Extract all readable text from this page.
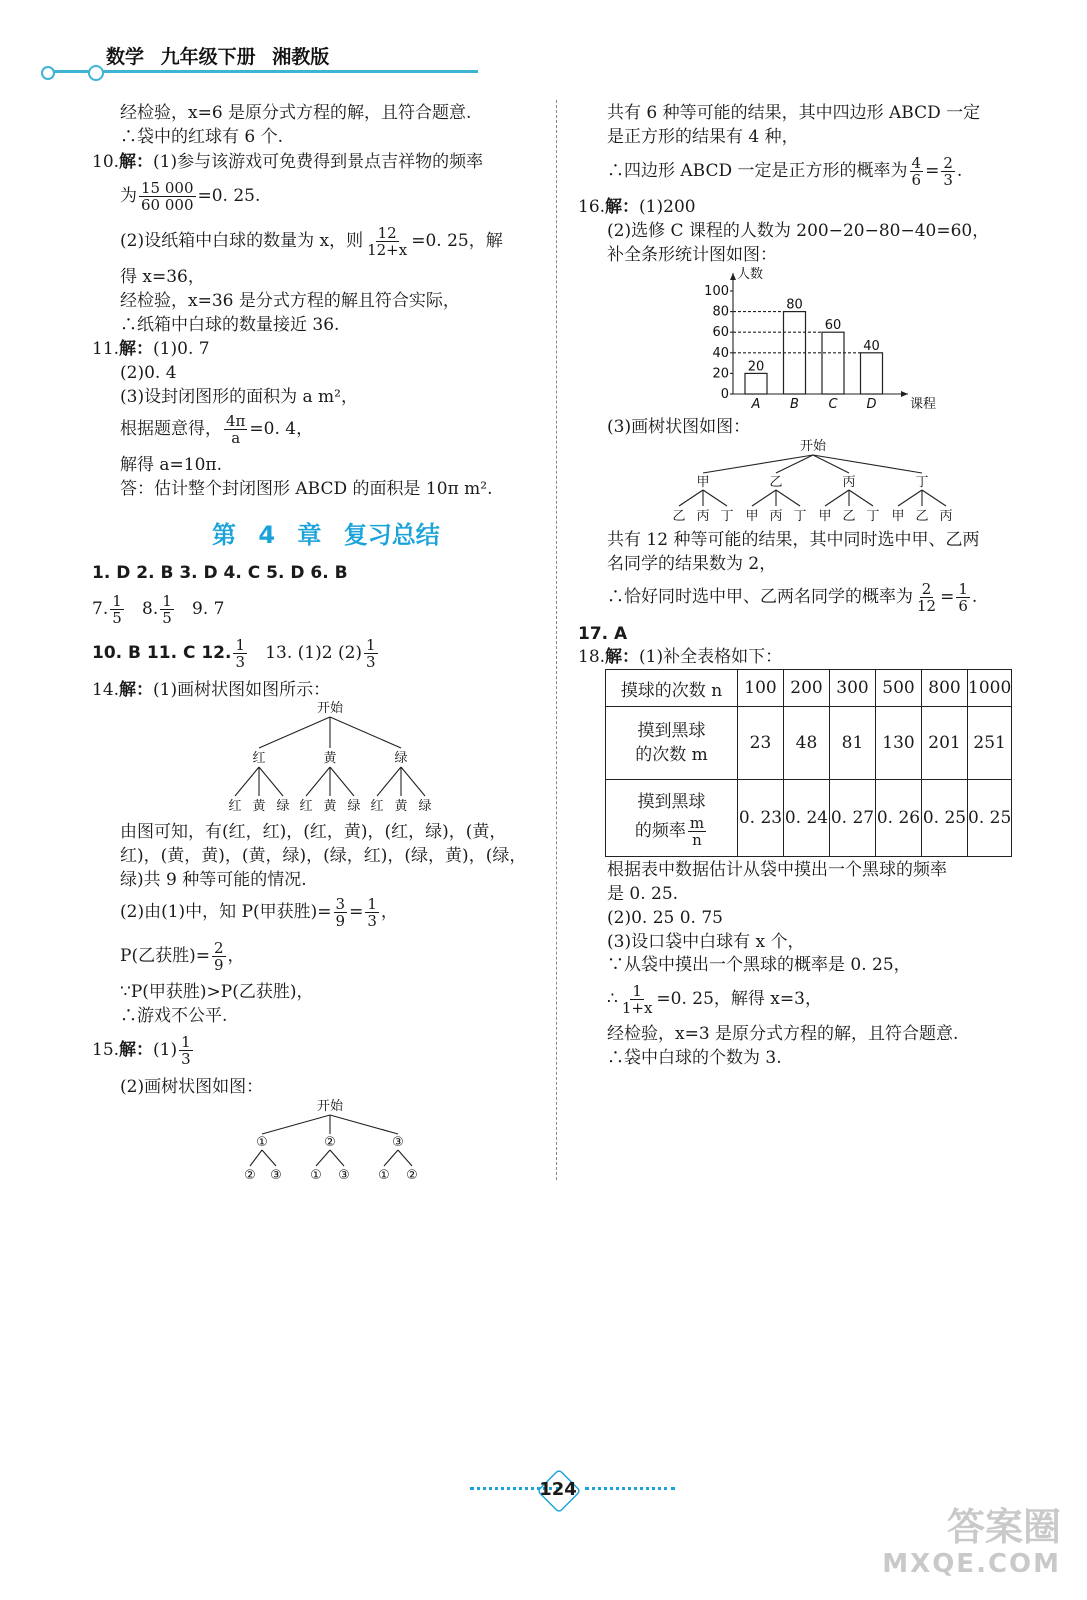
数学 九年级下册 湘教版
经检验，x=6 是原分式方程的解，且符合题意.
∴袋中的红球有 6 个.
10.解：(1)参与该游戏可免费得到景点吉祥物的频率
为 $\frac{15 000}{60 000} =0$. 25.
(2)设纸箱中白球的数量为 x，则 $\frac{12}{12+x} =0$. 25，解
得 x=36，
经检验，x=36 是分式方程的解且符合实际，
∴纸箱中白球的数量接近 36.
11.解：(1)0. 7
(2)0. 4
(3)设封闭图形的面积为 a m²，
根据题意得， $\frac{4\pi}{a} =0$. 4，
解得 a=10π.
答：估计整个封闭图形 ABCD 的面积是 10π m².
第 4 章 复习总结
1. D 2. B 3. D 4. C 5. D 6. B
7. $\frac{1}{5} 8$. $\frac{1}{5} 9$. 7
10. B 11. C 12. $\frac{1}{3} 13$. (1)2 $(2) \frac{1}{3}$
14.解：(1)画树状图如图所示：
开始
红	黄	绿
红 黄 绿 红 黄 绿 红 黄 绿
由图可知，有(红，红)，(红，黄)，(红，绿)，(黄，
红)，(黄，黄)，(黄，绿)，(绿，红)，(绿，黄)，(绿，
绿)共 9 种等可能的情况.
(2)由(1)中，知 P(甲获胜)= $\frac{3}{9} = \frac{1}{3}$ ，
P(乙获胜)= $\frac{2}{9}$ ，
∵P(甲获胜)>P(乙获胜)，
∴游戏不公平.
15.解：$(1) \frac{1}{3}$
(2)画树状图如图：
开始
①	②	③
② ③ ① ③ ① ②
共有 6 种等可能的结果，其中四边形 ABCD 一定
是正方形的结果有 4 种，
∴四边形 ABCD 一定是正方形的概率为 $\frac{4}{6} = \frac{2}{3}$ .
16.解：(1)200
(2)选修 C 课程的人数为 200−20−80−40=60，
补全条形统计图如图：
人数
课程
0
20
40
60
80
100
20
A
80
B
60
C
40
D
(3)画树状图如图：
开始
甲
乙 丙 丁
乙
甲 丙 丁
丙
甲 乙 丁
丁
甲 乙 丙
共有 12 种等可能的结果，其中同时选中甲、乙两
名同学的结果数为 2，
∴恰好同时选中甲、乙两名同学的概率为 $\frac{2}{12} = \frac{1}{6}$ .
17. A
18.解：(1)补全表格如下：
摸球的次数 n	100	200	300	500	800	1000
摸到黑球
的次数 m	23	48	81	130	201	251
摸到黑球
的频率 $\frac{m}{n}$	0. 23	0. 24	0. 27	0. 26	0. 25	0. 25
根据表中数据估计从袋中摸出一个黑球的频率
是 0. 25.
(2)0. 25 0. 75
(3)设口袋中白球有 x 个，
∵从袋中摸出一个黑球的概率是 0. 25，
∴ $\frac{1}{1+x} =0$. 25，解得 x=3，
经检验，x=3 是原分式方程的解，且符合题意.
∴袋中白球的个数为 3.
124
答案圈
MXQE.COM
